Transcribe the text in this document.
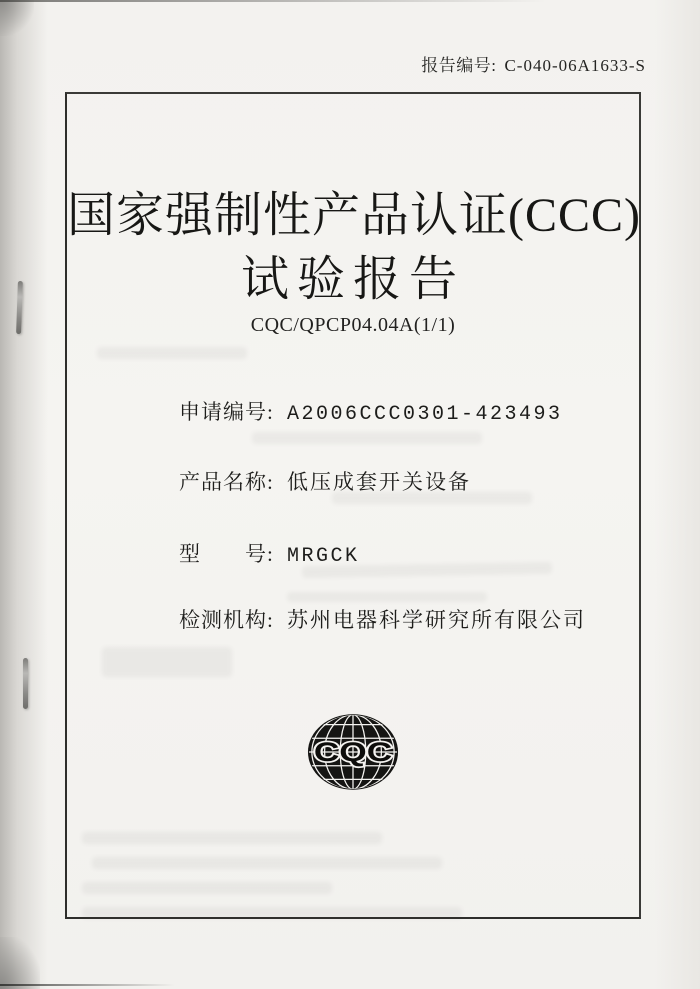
报告编号: C-040-06A1633-S
国家强制性产品认证(CCC)
试验报告
CQC/QPCP04.04A(1/1)
申请编号: A2006CCC0301-423493
产品名称: 低压成套开关设备
型　　号: MRGCK
检测机构: 苏州电器科学研究所有限公司
CQC
